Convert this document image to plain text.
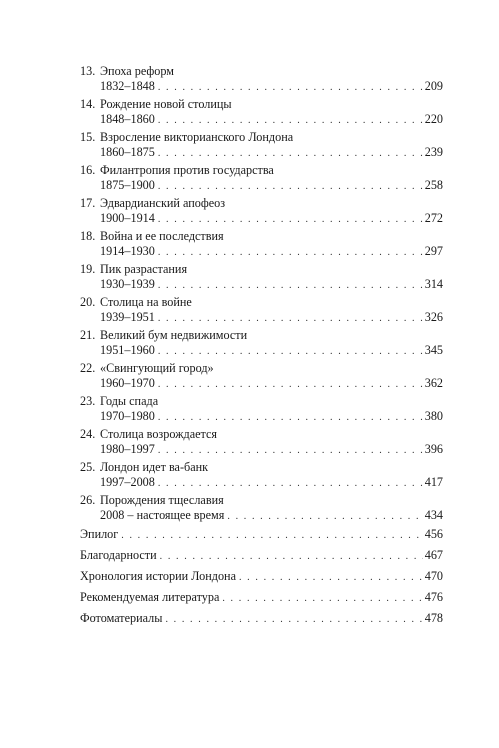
13. Эпоха реформ
1832–1848 . . .	209
14. Рождение новой столицы
1848–1860 . . .	220
15. Взросление викторианского Лондона
1860–1875 . . .	239
16. Филантропия против государства
1875–1900 . . .	258
17. Эдвардианский апофеоз
1900–1914 . . .	272
18. Война и ее последствия
1914–1930 . . .	297
19. Пик разрастания
1930–1939 . . .	314
20. Столица на войне
1939–1951 . . .	326
21. Великий бум недвижимости
1951–1960 . . .	345
22. «Свингующий город»
1960–1970 . . .	362
23. Годы спада
1970–1980 . . .	380
24. Столица возрождается
1980–1997 . . .	396
25. Лондон идет ва-банк
1997–2008 . . .	417
26. Порождения тщеславия
2008 – настоящее время . . .	434
Эпилог . . .	456
Благодарности . . .	467
Хронология истории Лондона . . .	470
Рекомендуемая литература . . .	476
Фотоматериалы . . .	478
